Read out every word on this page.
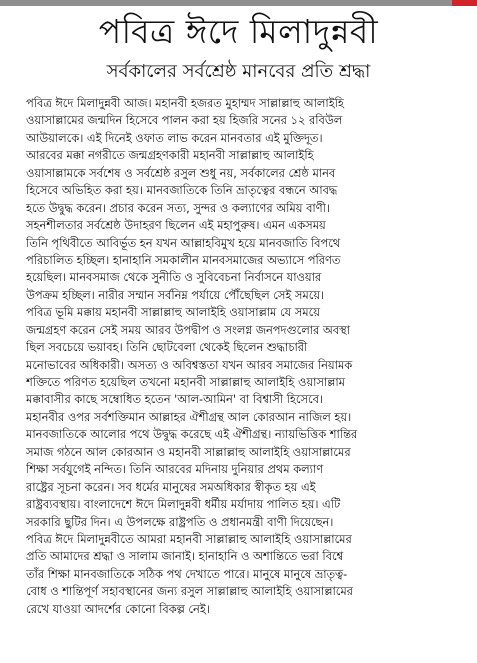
পবিত্র ঈদে মিলাদুন্নবী
সর্বকালের সর্বশ্রেষ্ঠ মানবের প্রতি শ্রদ্ধা
পবিত্র ঈদে মিলাদুন্নবী আজ। মহানবী হজরত মুহাম্মদ সাল্লাল্লাহু আলাইহি
ওয়াসাল্লামের জন্মদিন হিসেবে পালন করা হয় হিজরি সনের ১২ রবিউল
আউয়ালকে। এই দিনেই ওফাত লাভ করেন মানবতার এই মুক্তিদূত।
আরবের মক্কা নগরীতে জন্মগ্রহণকারী মহানবী সাল্লাল্লাহু আলাইহি
ওয়াসাল্লামকে সর্বশেষ ও সর্বশ্রেষ্ঠ রসুল শুধু নয়, সর্বকালের শ্রেষ্ঠ মানব
হিসেবে অভিহিত করা হয়। মানবজাতিকে তিনি ভ্রাতৃত্বের বন্ধনে আবদ্ধ
হতে উদ্বুদ্ধ করেন। প্রচার করেন সত্য, সুন্দর ও কল্যাণের অমিয় বাণী।
সহনশীলতার সর্বশ্রেষ্ঠ উদাহরণ ছিলেন এই মহাপুরুষ। এমন একসময়
তিনি পৃথিবীতে আবির্ভূত হন যখন আল্লাহবিমুখ হয়ে মানবজাতি বিপথে
পরিচালিত হচ্ছিল। হানাহানি সমকালীন মানবসমাজের অভ্যাসে পরিণত
হয়েছিল। মানবসমাজ থেকে সুনীতি ও সুবিবেচনা নির্বাসনে যাওয়ার
উপক্রম হচ্ছিল। নারীর সম্মান সর্বনিম্ন পর্যায়ে পৌঁছেছিল সেই সময়ে।
পবিত্র ভূমি মক্কায় মহানবী সাল্লাল্লাহু আলাইহি ওয়াসাল্লাম যে সময়ে
জন্মগ্রহণ করেন সেই সময় আরব উপদ্বীপ ও সংলগ্ন জনপদগুলোর অবস্থা
ছিল সবচেয়ে ভয়াবহ। তিনি ছোটবেলা থেকেই ছিলেন শুদ্ধাচারী
মনোভাবের অধিকারী। অসত্য ও অবিশ্বস্ততা যখন আরব সমাজের নিয়ামক
শক্তিতে পরিণত হয়েছিল তখনো মহানবী সাল্লাল্লাহু আলাইহি ওয়াসাল্লাম
মক্কাবাসীর কাছে সম্বোধিত হতেন 'আল-আমিন' বা বিশ্বাসী হিসেবে।
মহানবীর ওপর সর্বশক্তিমান আল্লাহর ঐশীগ্রন্থ আল কোরআন নাজিল হয়।
মানবজাতিকে আলোর পথে উদ্বুদ্ধ করেছে এই ঐশীগ্রন্থ। ন্যায়ভিত্তিক শান্তির
সমাজ গঠনে আল কোরআন ও মহানবী সাল্লাল্লাহু আলাইহি ওয়াসাল্লামের
শিক্ষা সর্বযুগেই নন্দিত। তিনি আরবের মদিনায় দুনিয়ার প্রথম কল্যাণ
রাষ্ট্রের সূচনা করেন। সব ধর্মের মানুষের সমঅধিকার স্বীকৃত হয় এই
রাষ্ট্রব্যবস্থায়। বাংলাদেশে ঈদে মিলাদুন্নবী ধর্মীয় মর্যাদায় পালিত হয়। এটি
সরকারি ছুটির দিন। এ উপলক্ষে রাষ্ট্রপতি ও প্রধানমন্ত্রী বাণী দিয়েছেন।
পবিত্র ঈদে মিলাদুন্নবীতে আমরা মহানবী সাল্লাল্লাহু আলাইহি ওয়াসাল্লামের
প্রতি আমাদের শ্রদ্ধা ও সালাম জানাই। হানাহানি ও অশান্তিতে ভরা বিশ্বে
তাঁর শিক্ষা মানবজাতিকে সঠিক পথ দেখাতে পারে। মানুষে মানুষে ভ্রাতৃত্ব-
বোধ ও শান্তিপূর্ণ সহাবস্থানের জন্য রসুল সাল্লাল্লাহু আলাইহি ওয়াসাল্লামের
রেখে যাওয়া আদর্শের কোনো বিকল্প নেই।
